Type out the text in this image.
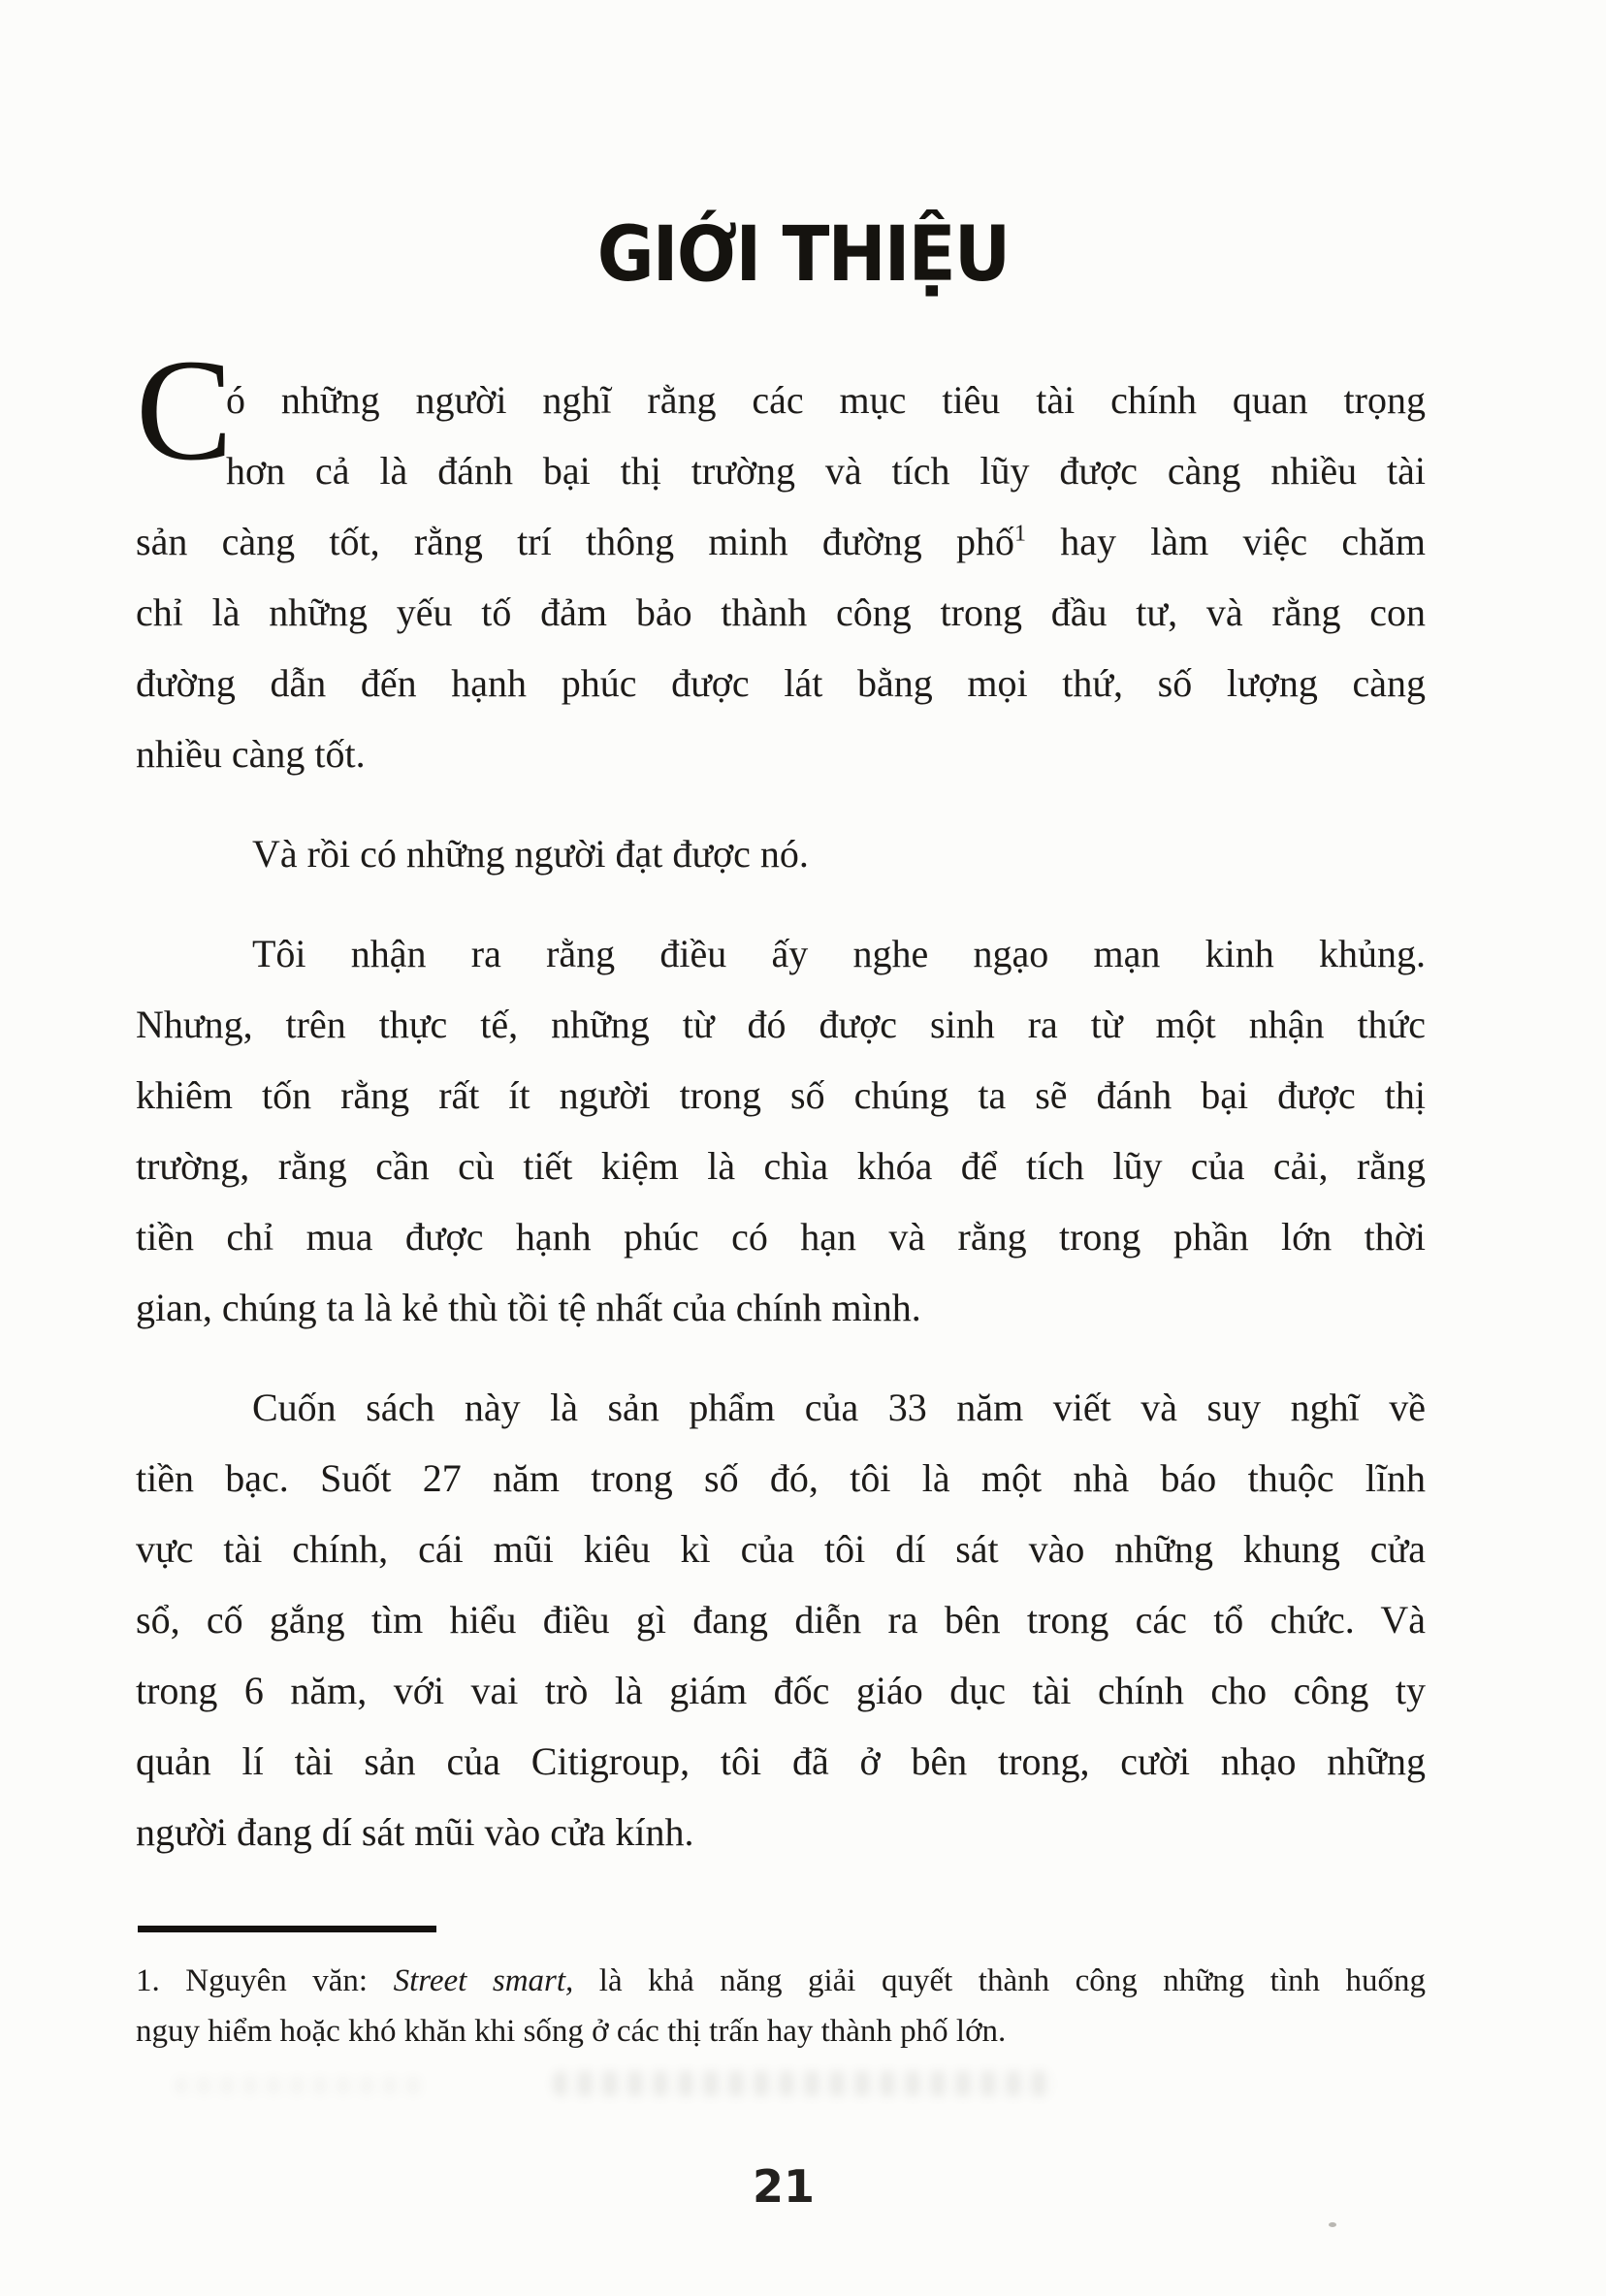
GIỚI THIỆU
C
ó những người nghĩ rằng các mục tiêu tài chính quan trọng
hơn cả là đánh bại thị trường và tích lũy được càng nhiều tài
sản càng tốt, rằng trí thông minh đường phố$^1$ hay làm việc chăm
chỉ là những yếu tố đảm bảo thành công trong đầu tư, và rằng con
đường dẫn đến hạnh phúc được lát bằng mọi thứ, số lượng càng
nhiều càng tốt.
Và rồi có những người đạt được nó.
Tôi nhận ra rằng điều ấy nghe ngạo mạn kinh khủng.
Nhưng, trên thực tế, những từ đó được sinh ra từ một nhận thức
khiêm tốn rằng rất ít người trong số chúng ta sẽ đánh bại được thị
trường, rằng cần cù tiết kiệm là chìa khóa để tích lũy của cải, rằng
tiền chỉ mua được hạnh phúc có hạn và rằng trong phần lớn thời
gian, chúng ta là kẻ thù tồi tệ nhất của chính mình.
Cuốn sách này là sản phẩm của 33 năm viết và suy nghĩ về
tiền bạc. Suốt 27 năm trong số đó, tôi là một nhà báo thuộc lĩnh
vực tài chính, cái mũi kiêu kì của tôi dí sát vào những khung cửa
sổ, cố gắng tìm hiểu điều gì đang diễn ra bên trong các tổ chức. Và
trong 6 năm, với vai trò là giám đốc giáo dục tài chính cho công ty
quản lí tài sản của Citigroup, tôi đã ở bên trong, cười nhạo những
người đang dí sát mũi vào cửa kính.
1. Nguyên văn: Street smart, là khả năng giải quyết thành công những tình huống
nguy hiểm hoặc khó khăn khi sống ở các thị trấn hay thành phố lớn.
21
